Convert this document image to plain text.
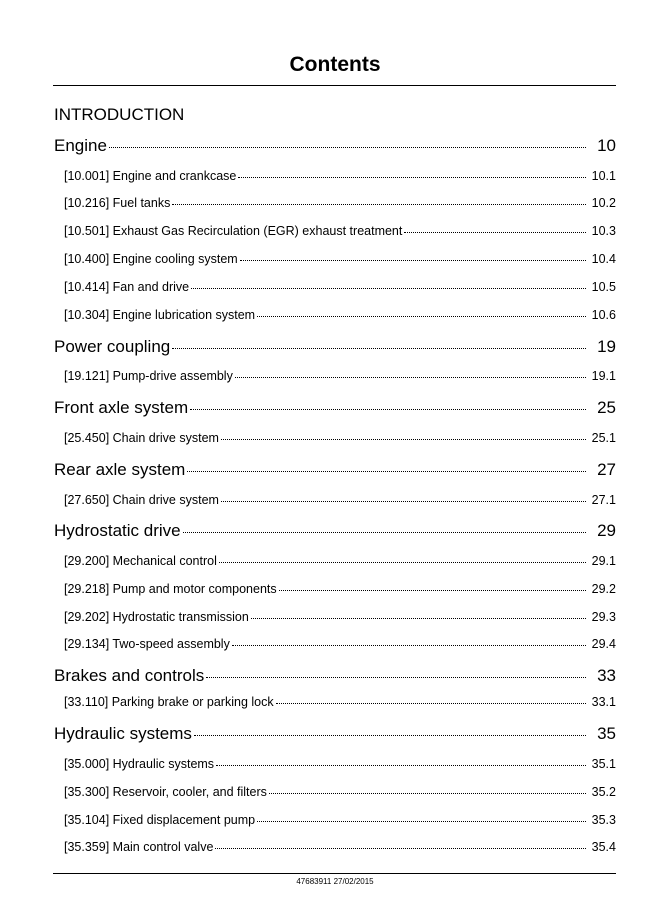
Contents
INTRODUCTION
Engine	10
[10.001] Engine and crankcase	10.1
[10.216] Fuel tanks	10.2
[10.501] Exhaust Gas Recirculation (EGR) exhaust treatment	10.3
[10.400] Engine cooling system	10.4
[10.414] Fan and drive	10.5
[10.304] Engine lubrication system	10.6
Power coupling	19
[19.121] Pump-drive assembly	19.1
Front axle system	25
[25.450] Chain drive system	25.1
Rear axle system	27
[27.650] Chain drive system	27.1
Hydrostatic drive	29
[29.200] Mechanical control	29.1
[29.218] Pump and motor components	29.2
[29.202] Hydrostatic transmission	29.3
[29.134] Two-speed assembly	29.4
Brakes and controls	33
[33.110] Parking brake or parking lock	33.1
Hydraulic systems	35
[35.000] Hydraulic systems	35.1
[35.300] Reservoir, cooler, and filters	35.2
[35.104] Fixed displacement pump	35.3
[35.359] Main control valve	35.4
47683911 27/02/2015
